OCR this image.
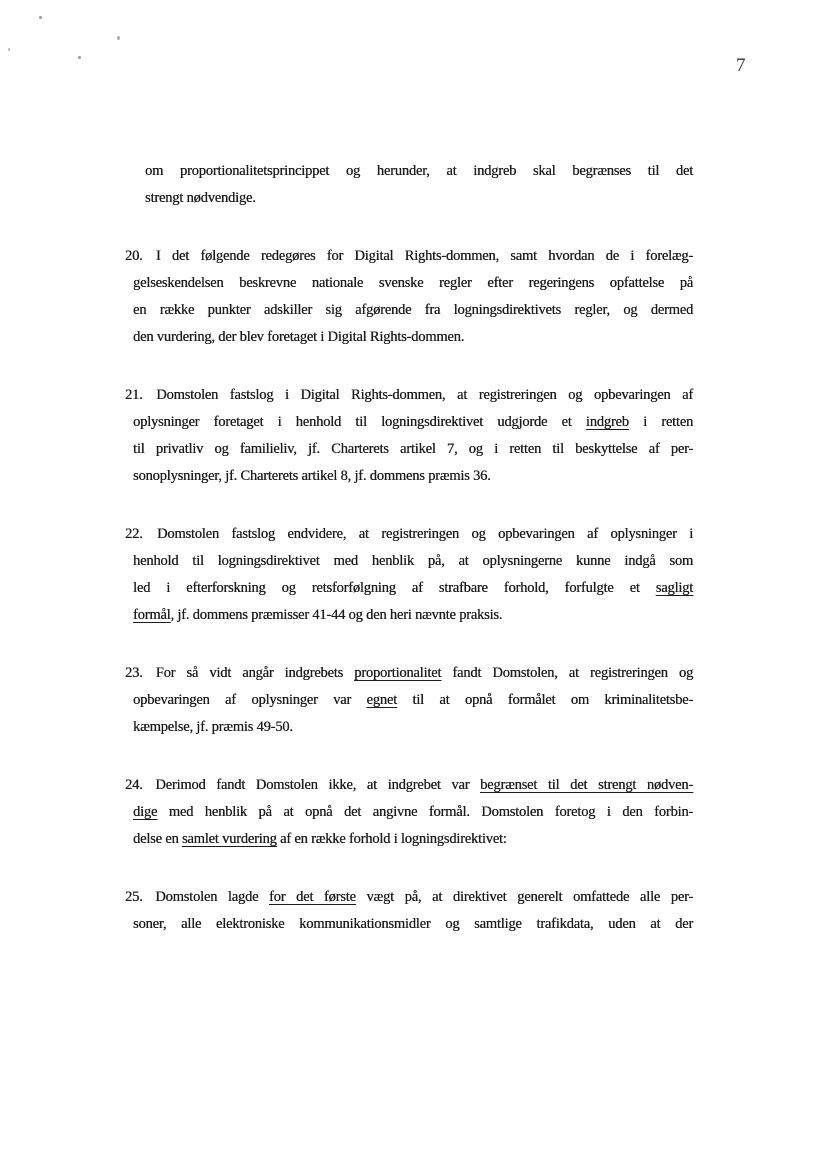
7
om proportionalitetsprincippet og herunder, at indgreb skal begrænses til det
strengt nødvendige.
20. I det følgende redegøres for Digital Rights-dommen, samt hvordan de i forelæg-
gelseskendelsen beskrevne nationale svenske regler efter regeringens opfattelse på
en række punkter adskiller sig afgørende fra logningsdirektivets regler, og dermed
den vurdering, der blev foretaget i Digital Rights-dommen.
21. Domstolen fastslog i Digital Rights-dommen, at registreringen og opbevaringen af
oplysninger foretaget i henhold til logningsdirektivet udgjorde et indgreb i retten
til privatliv og familieliv, jf. Charterets artikel 7, og i retten til beskyttelse af per-
sonoplysninger, jf. Charterets artikel 8, jf. dommens præmis 36.
22. Domstolen fastslog endvidere, at registreringen og opbevaringen af oplysninger i
henhold til logningsdirektivet med henblik på, at oplysningerne kunne indgå som
led i efterforskning og retsforfølgning af strafbare forhold, forfulgte et sagligt
formål, jf. dommens præmisser 41-44 og den heri nævnte praksis.
23. For så vidt angår indgrebets proportionalitet fandt Domstolen, at registreringen og
opbevaringen af oplysninger var egnet til at opnå formålet om kriminalitetsbe-
kæmpelse, jf. præmis 49-50.
24. Derimod fandt Domstolen ikke, at indgrebet var begrænset til det strengt nødven-
dige med henblik på at opnå det angivne formål. Domstolen foretog i den forbin-
delse en samlet vurdering af en række forhold i logningsdirektivet:
25. Domstolen lagde for det første vægt på, at direktivet generelt omfattede alle per-
soner, alle elektroniske kommunikationsmidler og samtlige trafikdata, uden at der
